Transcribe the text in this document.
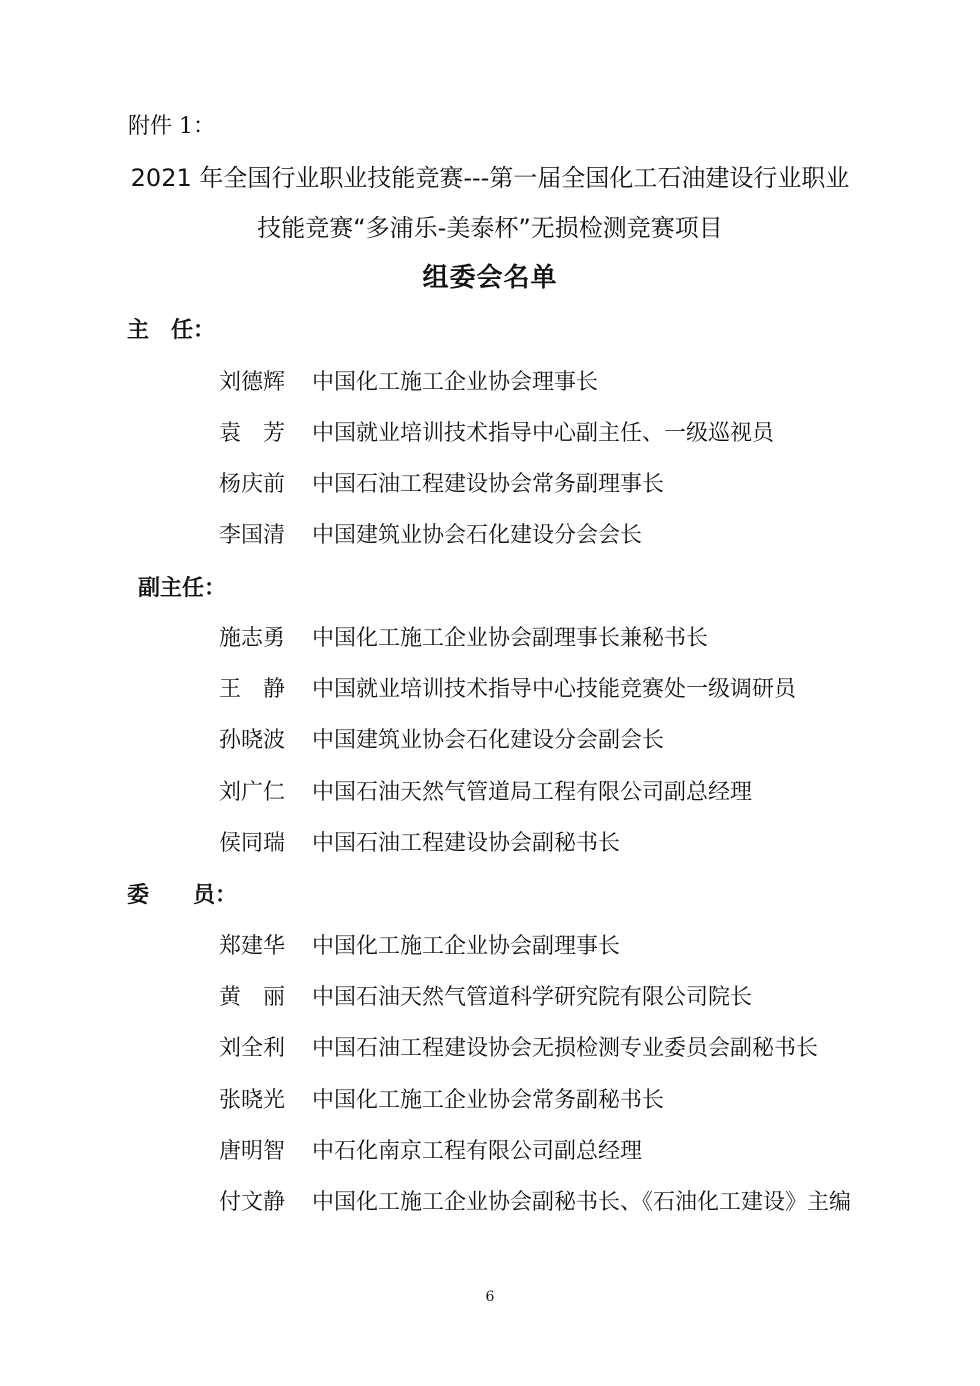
附件 1：
2021 年全国行业职业技能竞赛---第一届全国化工石油建设行业职业
技能竞赛“多浦乐-美泰杯”无损检测竞赛项目
组委会名单
主　任：
刘德辉	中国化工施工企业协会理事长
袁　芳	中国就业培训技术指导中心副主任、一级巡视员
杨庆前	中国石油工程建设协会常务副理事长
李国清	中国建筑业协会石化建设分会会长
副主任：
施志勇	中国化工施工企业协会副理事长兼秘书长
王　静	中国就业培训技术指导中心技能竞赛处一级调研员
孙晓波	中国建筑业协会石化建设分会副会长
刘广仁	中国石油天然气管道局工程有限公司副总经理
侯同瑞	中国石油工程建设协会副秘书长
委　　员：
郑建华	中国化工施工企业协会副理事长
黄　丽	中国石油天然气管道科学研究院有限公司院长
刘全利	中国石油工程建设协会无损检测专业委员会副秘书长
张晓光	中国化工施工企业协会常务副秘书长
唐明智	中石化南京工程有限公司副总经理
付文静	中国化工施工企业协会副秘书长、《石油化工建设》主编
6
